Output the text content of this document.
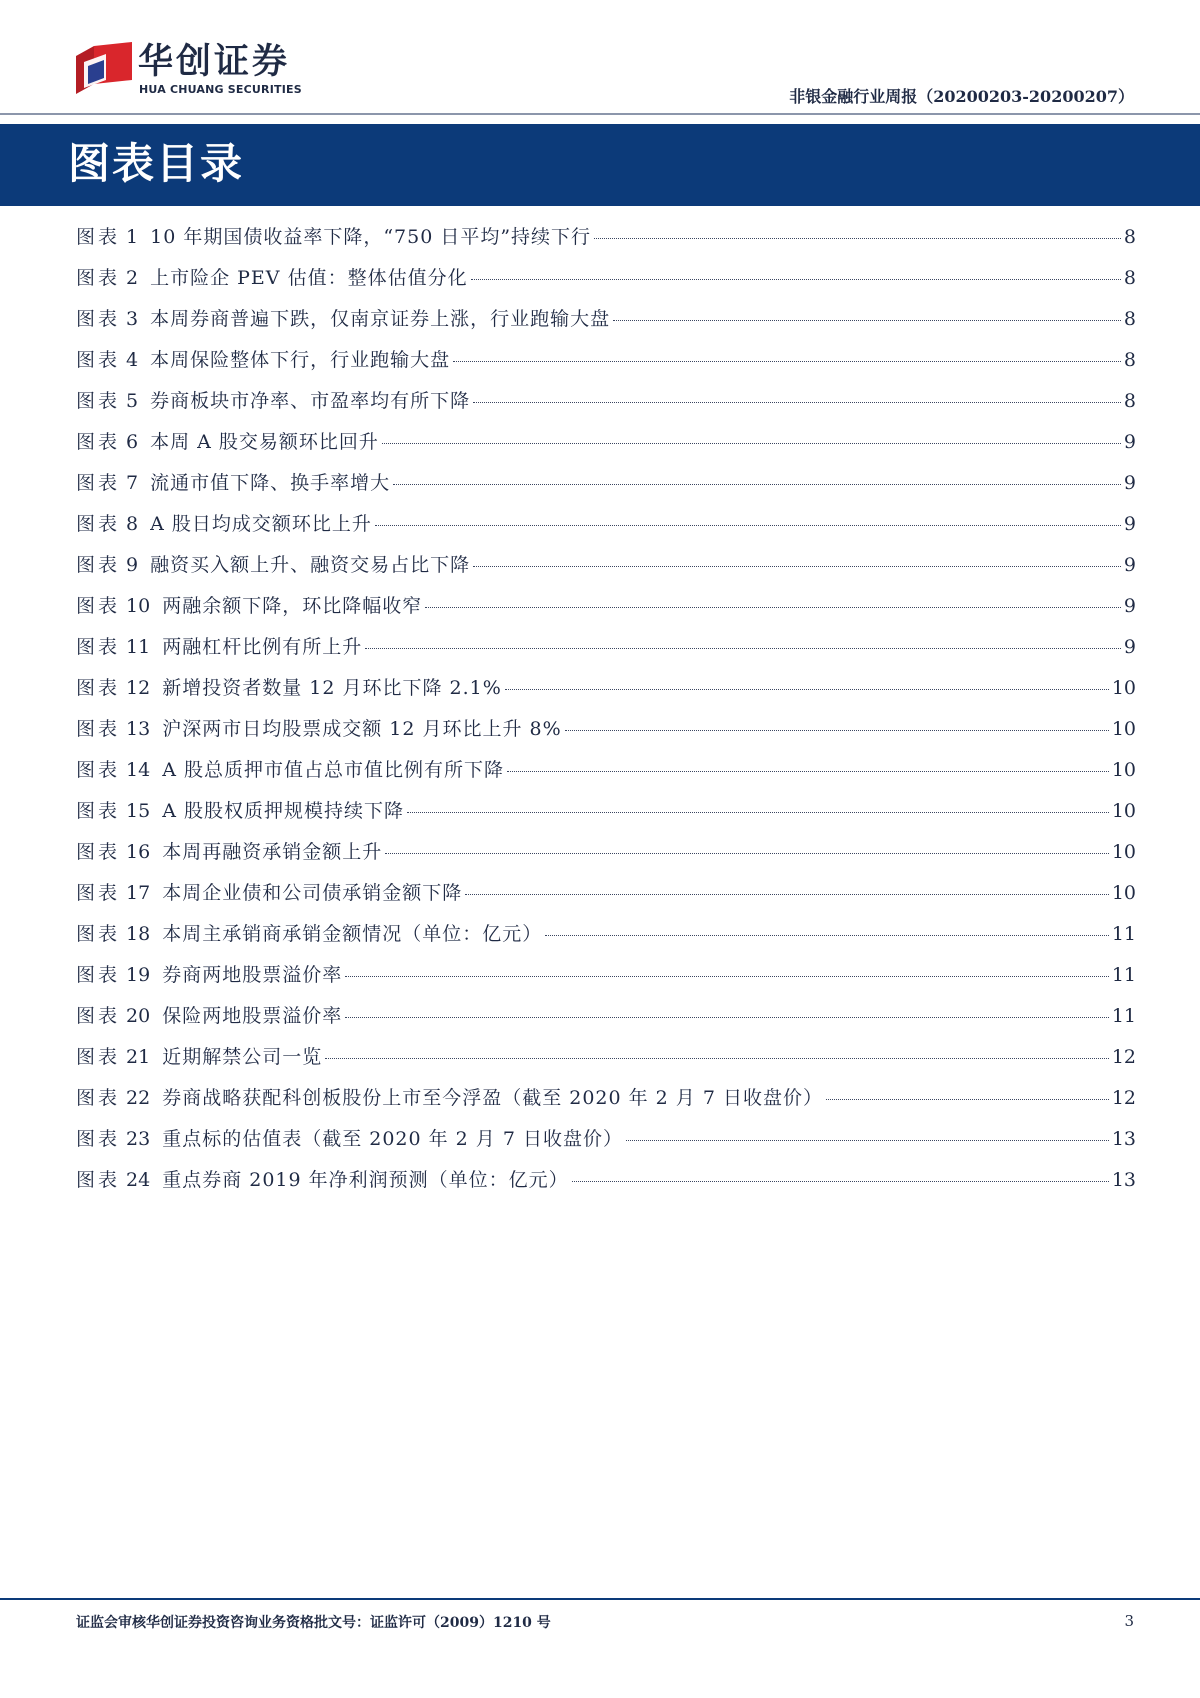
华创证券
HUA CHUANG SECURITIES	非银金融行业周报（20200203-20200207）
图表目录
图表 1 10 年期国债收益率下降，“750 日平均”持续下行	8
图表 2 上市险企 PEV 估值：整体估值分化	8
图表 3 本周券商普遍下跌，仅南京证券上涨，行业跑输大盘	8
图表 4 本周保险整体下行，行业跑输大盘	8
图表 5 券商板块市净率、市盈率均有所下降	8
图表 6 本周 A 股交易额环比回升	9
图表 7 流通市值下降、换手率增大	9
图表 8 A 股日均成交额环比上升	9
图表 9 融资买入额上升、融资交易占比下降	9
图表 10 两融余额下降，环比降幅收窄	9
图表 11 两融杠杆比例有所上升	9
图表 12 新增投资者数量 12 月环比下降 2.1%	10
图表 13 沪深两市日均股票成交额 12 月环比上升 8%	10
图表 14 A 股总质押市值占总市值比例有所下降	10
图表 15 A 股股权质押规模持续下降	10
图表 16 本周再融资承销金额上升	10
图表 17 本周企业债和公司债承销金额下降	10
图表 18 本周主承销商承销金额情况（单位：亿元）	11
图表 19 券商两地股票溢价率	11
图表 20 保险两地股票溢价率	11
图表 21 近期解禁公司一览	12
图表 22 券商战略获配科创板股份上市至今浮盈（截至 2020 年 2 月 7 日收盘价）	12
图表 23 重点标的估值表（截至 2020 年 2 月 7 日收盘价）	13
图表 24 重点券商 2019 年净利润预测（单位：亿元）	13
证监会审核华创证券投资咨询业务资格批文号：证监许可（2009）1210 号	3
